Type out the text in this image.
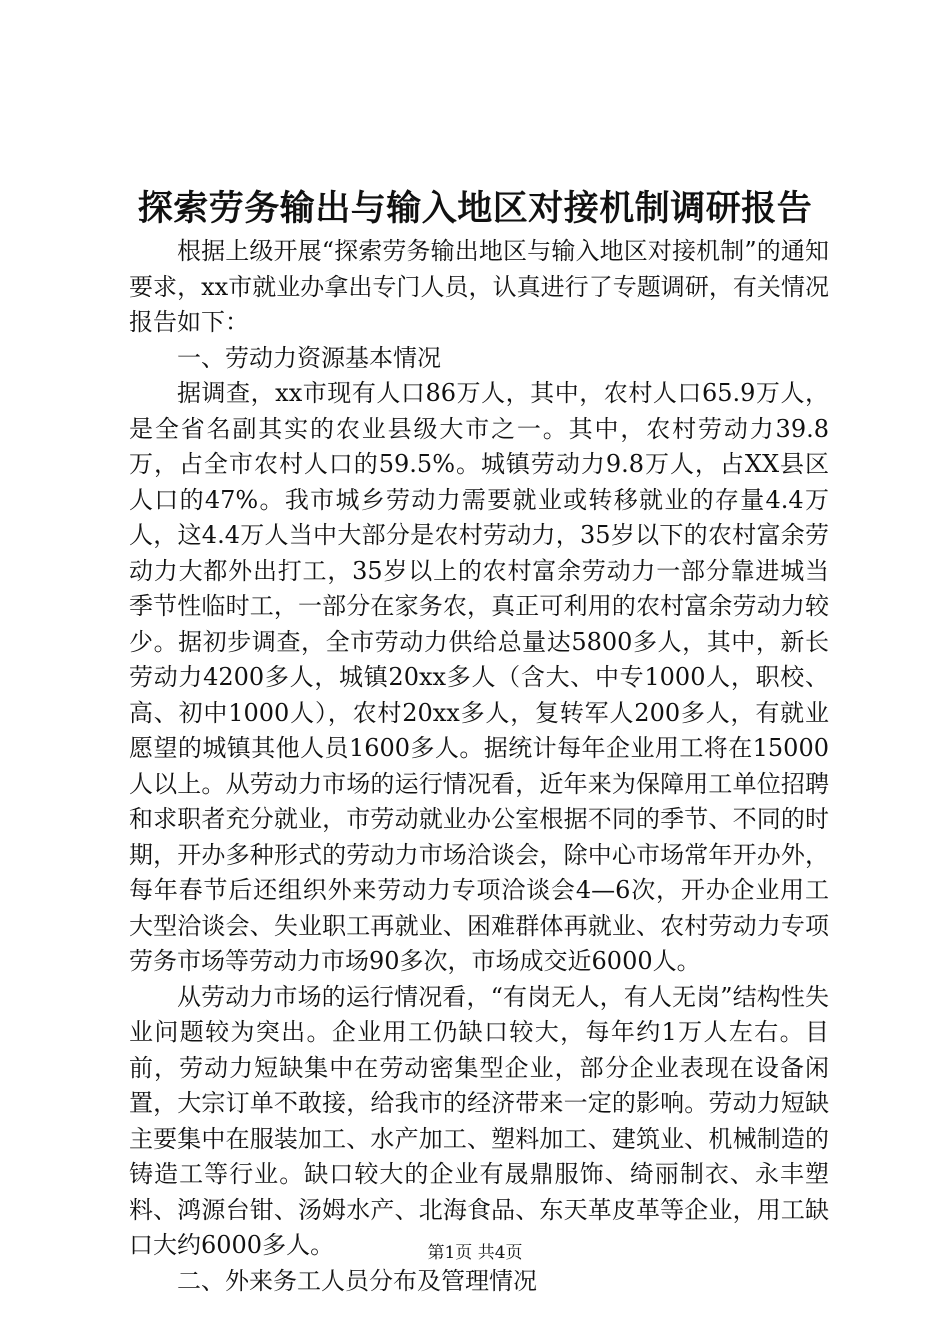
探索劳务输出与输入地区对接机制调研报告

根据上级开展“探索劳务输出地区与输入地区对接机制”的通知要求，xx市就业办拿出专门人员，认真进行了专题调研，有关情况报告如下：

一、劳动力资源基本情况

据调查，xx市现有人口86万人，其中，农村人口65.9万人，是全省名副其实的农业县级大市之一。其中，农村劳动力39.8万，占全市农村人口的59.5%。城镇劳动力9.8万人，占XX县区人口的47%。我市城乡劳动力需要就业或转移就业的存量4.4万人，这4.4万人当中大部分是农村劳动力，35岁以下的农村富余劳动力大都外出打工，35岁以上的农村富余劳动力一部分靠进城当季节性临时工，一部分在家务农，真正可利用的农村富余劳动力较少。据初步调查，全市劳动力供给总量达5800多人，其中，新长劳动力4200多人，城镇20xx多人（含大、中专1000人，职校、高、初中1000人），农村20xx多人，复转军人200多人，有就业愿望的城镇其他人员1600多人。据统计每年企业用工将在15000人以上。从劳动力市场的运行情况看，近年来为保障用工单位招聘和求职者充分就业，市劳动就业办公室根据不同的季节、不同的时期，开办多种形式的劳动力市场洽谈会，除中心市场常年开办外，每年春节后还组织外来劳动力专项洽谈会4—6次，开办企业用工大型洽谈会、失业职工再就业、困难群体再就业、农村劳动力专项劳务市场等劳动力市场90多次，市场成交近6000人。

从劳动力市场的运行情况看，“有岗无人，有人无岗”结构性失业问题较为突出。企业用工仍缺口较大，每年约1万人左右。目前，劳动力短缺集中在劳动密集型企业，部分企业表现在设备闲置，大宗订单不敢接，给我市的经济带来一定的影响。劳动力短缺主要集中在服装加工、水产加工、塑料加工、建筑业、机械制造的铸造工等行业。缺口较大的企业有晟鼎服饰、绮丽制衣、永丰塑料、鸿源台钳、汤姆水产、北海食品、东天革皮革等企业，用工缺口大约6000多人。

二、外来务工人员分布及管理情况

第1页 共4页
